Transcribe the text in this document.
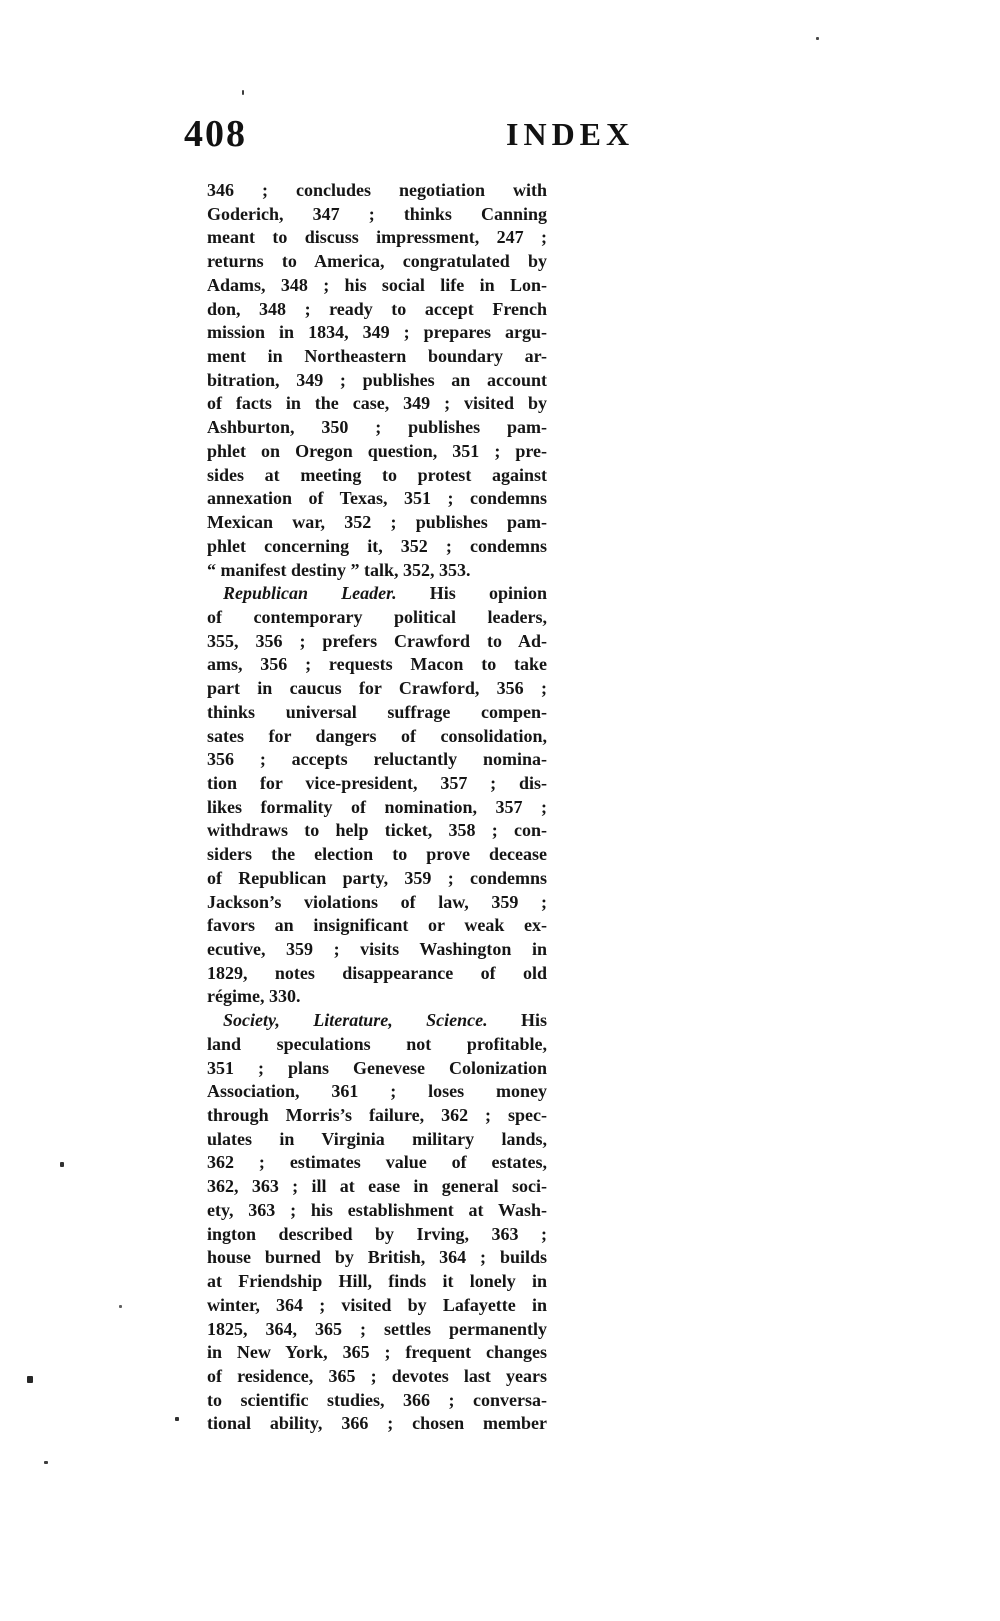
408	INDEX
346 ; concludes negotiation with
Goderich, 347 ; thinks Canning
meant to discuss impressment, 247 ;
returns to America, congratulated by
Adams, 348 ; his social life in Lon-
don, 348 ; ready to accept French
mission in 1834, 349 ; prepares argu-
ment in Northeastern boundary ar-
bitration, 349 ; publishes an account
of facts in the case, 349 ; visited by
Ashburton, 350 ; publishes pam-
phlet on Oregon question, 351 ; pre-
sides at meeting to protest against
annexation of Texas, 351 ; condemns
Mexican war, 352 ; publishes pam-
phlet concerning it, 352 ; condemns
“ manifest destiny ” talk, 352, 353.
Republican Leader. His opinion
of contemporary political leaders,
355, 356 ; prefers Crawford to Ad-
ams, 356 ; requests Macon to take
part in caucus for Crawford, 356 ;
thinks universal suffrage compen-
sates for dangers of consolidation,
356 ; accepts reluctantly nomina-
tion for vice-president, 357 ; dis-
likes formality of nomination, 357 ;
withdraws to help ticket, 358 ; con-
siders the election to prove decease
of Republican party, 359 ; condemns
Jackson’s violations of law, 359 ;
favors an insignificant or weak ex-
ecutive, 359 ; visits Washington in
1829, notes disappearance of old
régime, 330.
Society, Literature, Science. His
land speculations not profitable,
351 ; plans Genevese Colonization
Association, 361 ; loses money
through Morris’s failure, 362 ; spec-
ulates in Virginia military lands,
362 ; estimates value of estates,
362, 363 ; ill at ease in general soci-
ety, 363 ; his establishment at Wash-
ington described by Irving, 363 ;
house burned by British, 364 ; builds
at Friendship Hill, finds it lonely in
winter, 364 ; visited by Lafayette in
1825, 364, 365 ; settles permanently
in New York, 365 ; frequent changes
of residence, 365 ; devotes last years
to scientific studies, 366 ; conversa-
tional ability, 366 ; chosen member
